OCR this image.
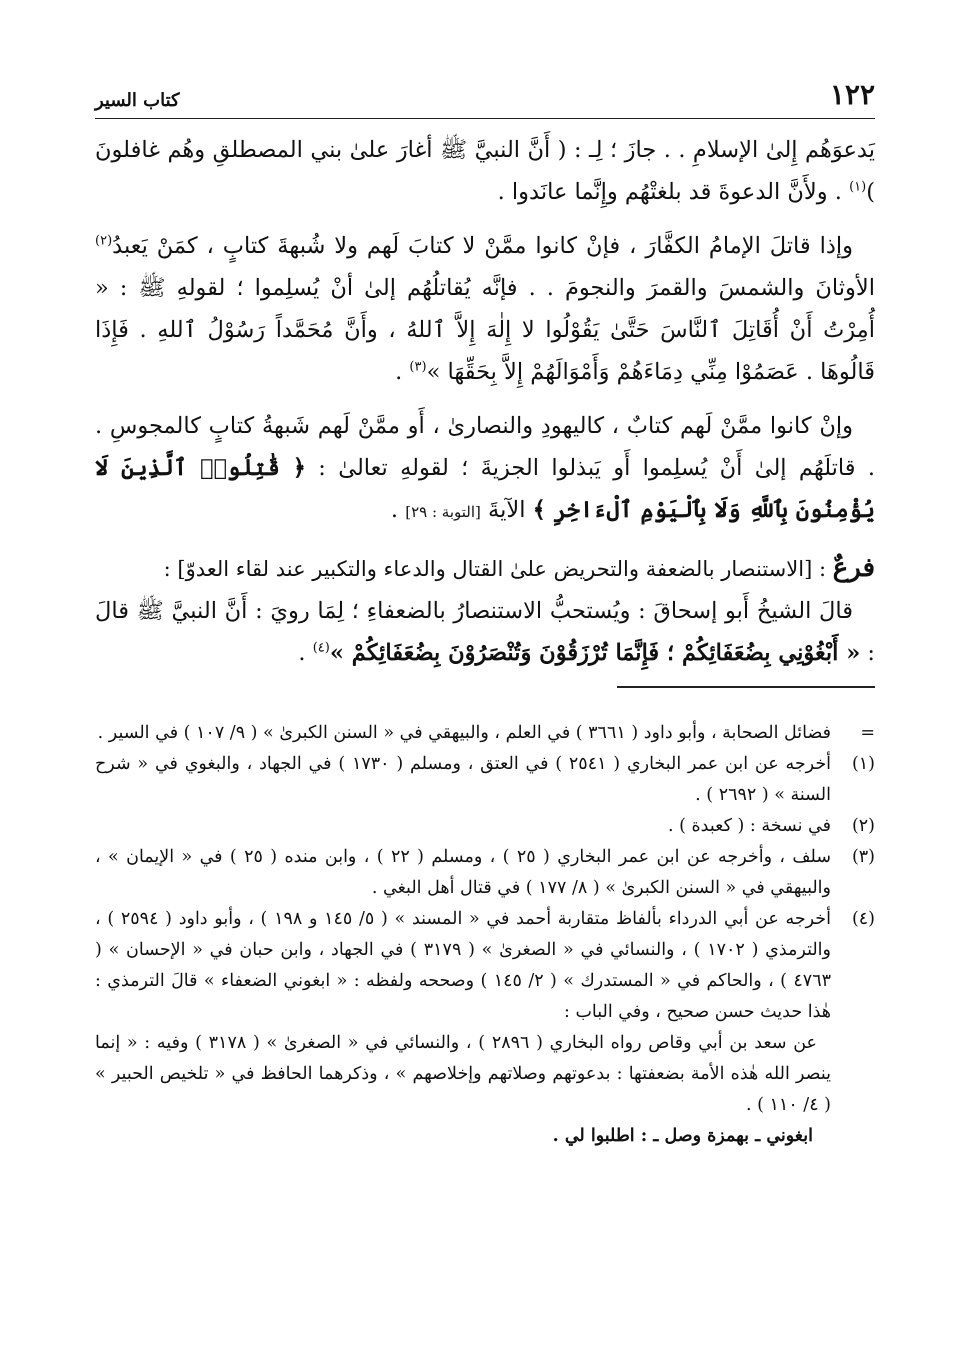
١٢٢
كتاب السير

يَدعوَهُم إِلىٰ الإسلامِ . . جازَ ؛ لِـ : ( أَنَّ النبيَّ ﷺ أغارَ علىٰ بني المصطلقِ وهُم غافلونَ )$^{(١)}$ . ولأَنَّ الدعوةَ قد بلغتْهُم وإِنَّما عانَدوا .

وإذا قاتلَ الإمامُ الكفَّارَ ، فإنْ كانوا ممَّنْ لا كتابَ لَهم ولا شُبهةَ كتابٍ ، كمَنْ يَعبدُ$^{(٢)}$ الأوثانَ والشمسَ والقمرَ والنجومَ . . فإنَّه يُقاتلُهُم إلىٰ أنْ يُسلِموا ؛ لقولهِ ﷺ : « أُمِرْتُ أَنْ أُقَاتِلَ ٱلنَّاسَ حَتَّىٰ يَقُوْلُوا لا إِلٰهَ إِلاَّ ٱللهُ ، وأَنَّ مُحَمَّداً رَسُوْلُ ٱللهِ . فَإِذَا قَالُوهَا . عَصَمُوْا مِنِّي دِمَاءَهُمْ وَأَمْوَالَهُمْ إِلاَّ بِحَقِّهَا »$^{(٣)}$ .

وإنْ كانوا ممَّنْ لَهم كتابٌ ، كاليهودِ والنصارىٰ ، أَو ممَّنْ لَهم شَبهةُ كتابٍ كالمجوسِ . . قاتلَهُم إلىٰ أَنْ يُسلِموا أَو يَبذلوا الجزيةَ ؛ لقولهِ تعالىٰ : ﴿ قَٰتِلُوا۟ ٱلَّذِينَ لَا يُؤْمِنُونَ بِٱللَّهِ وَلَا بِٱلْيَوْمِ ٱلْءَاخِرِ ﴾ الآيةَ [التوبة : ٢٩] .

فرعٌ : [الاستنصار بالضعفة والتحريض علىٰ القتال والدعاء والتكبير عند لقاء العدوّ] :

قالَ الشيخُ أَبو إسحاقَ : ويُستحبُّ الاستنصارُ بالضعفاءِ ؛ لِمَا رويَ : أَنَّ النبيَّ ﷺ قالَ : « أَبْغُوْنِي بِضُعَفَائِكُمْ ؛ فَإِنَّمَا تُرْزَقُوْنَ وَتُنْصَرُوْنَ بِضُعَفَائِكُمْ »$^{(٤)}$ .

=
فضائل الصحابة ، وأبو داود ( ٣٦٦١ ) في العلم ، والبيهقي في « السنن الكبرىٰ » ( ٩/ ١٠٧ ) في السير .
(١)
أخرجه عن ابن عمر البخاري ( ٢٥٤١ ) في العتق ، ومسلم ( ١٧٣٠ ) في الجهاد ، والبغوي في « شرح السنة » ( ٢٦٩٢ ) .
(٢)
في نسخة : ( كعبدة ) .
(٣)
سلف ، وأخرجه عن ابن عمر البخاري ( ٢٥ ) ، ومسلم ( ٢٢ ) ، وابن منده ( ٢٥ ) في « الإيمان » ، والبيهقي في « السنن الكبرىٰ » ( ٨/ ١٧٧ ) في قتال أهل البغي .
(٤)
أخرجه عن أبي الدرداء بألفاظ متقاربة أحمد في « المسند » ( ٥/ ١٤٥ و ١٩٨ ) ، وأبو داود ( ٢٥٩٤ ) ، والترمذي ( ١٧٠٢ ) ، والنسائي في « الصغرىٰ » ( ٣١٧٩ ) في الجهاد ، وابن حبان في « الإحسان » ( ٤٧٦٣ ) ، والحاكم في « المستدرك » ( ٢/ ١٤٥ ) وصححه ولفظه : « ابغوني الضعفاء » قالَ الترمذي : هٰذا حديث حسن صحيح ، وفي الباب :
عن سعد بن أبي وقاص رواه البخاري ( ٢٨٩٦ ) ، والنسائي في « الصغرىٰ » ( ٣١٧٨ ) وفيه : « إنما ينصر الله هٰذه الأمة بضعفتها : بدعوتهم وصلاتهم وإخلاصهم » ، وذكرهما الحافظ في « تلخيص الحبير » ( ٤/ ١١٠ ) .
ابغوني ـ بهمزة وصل ـ : اطلبوا لي .
